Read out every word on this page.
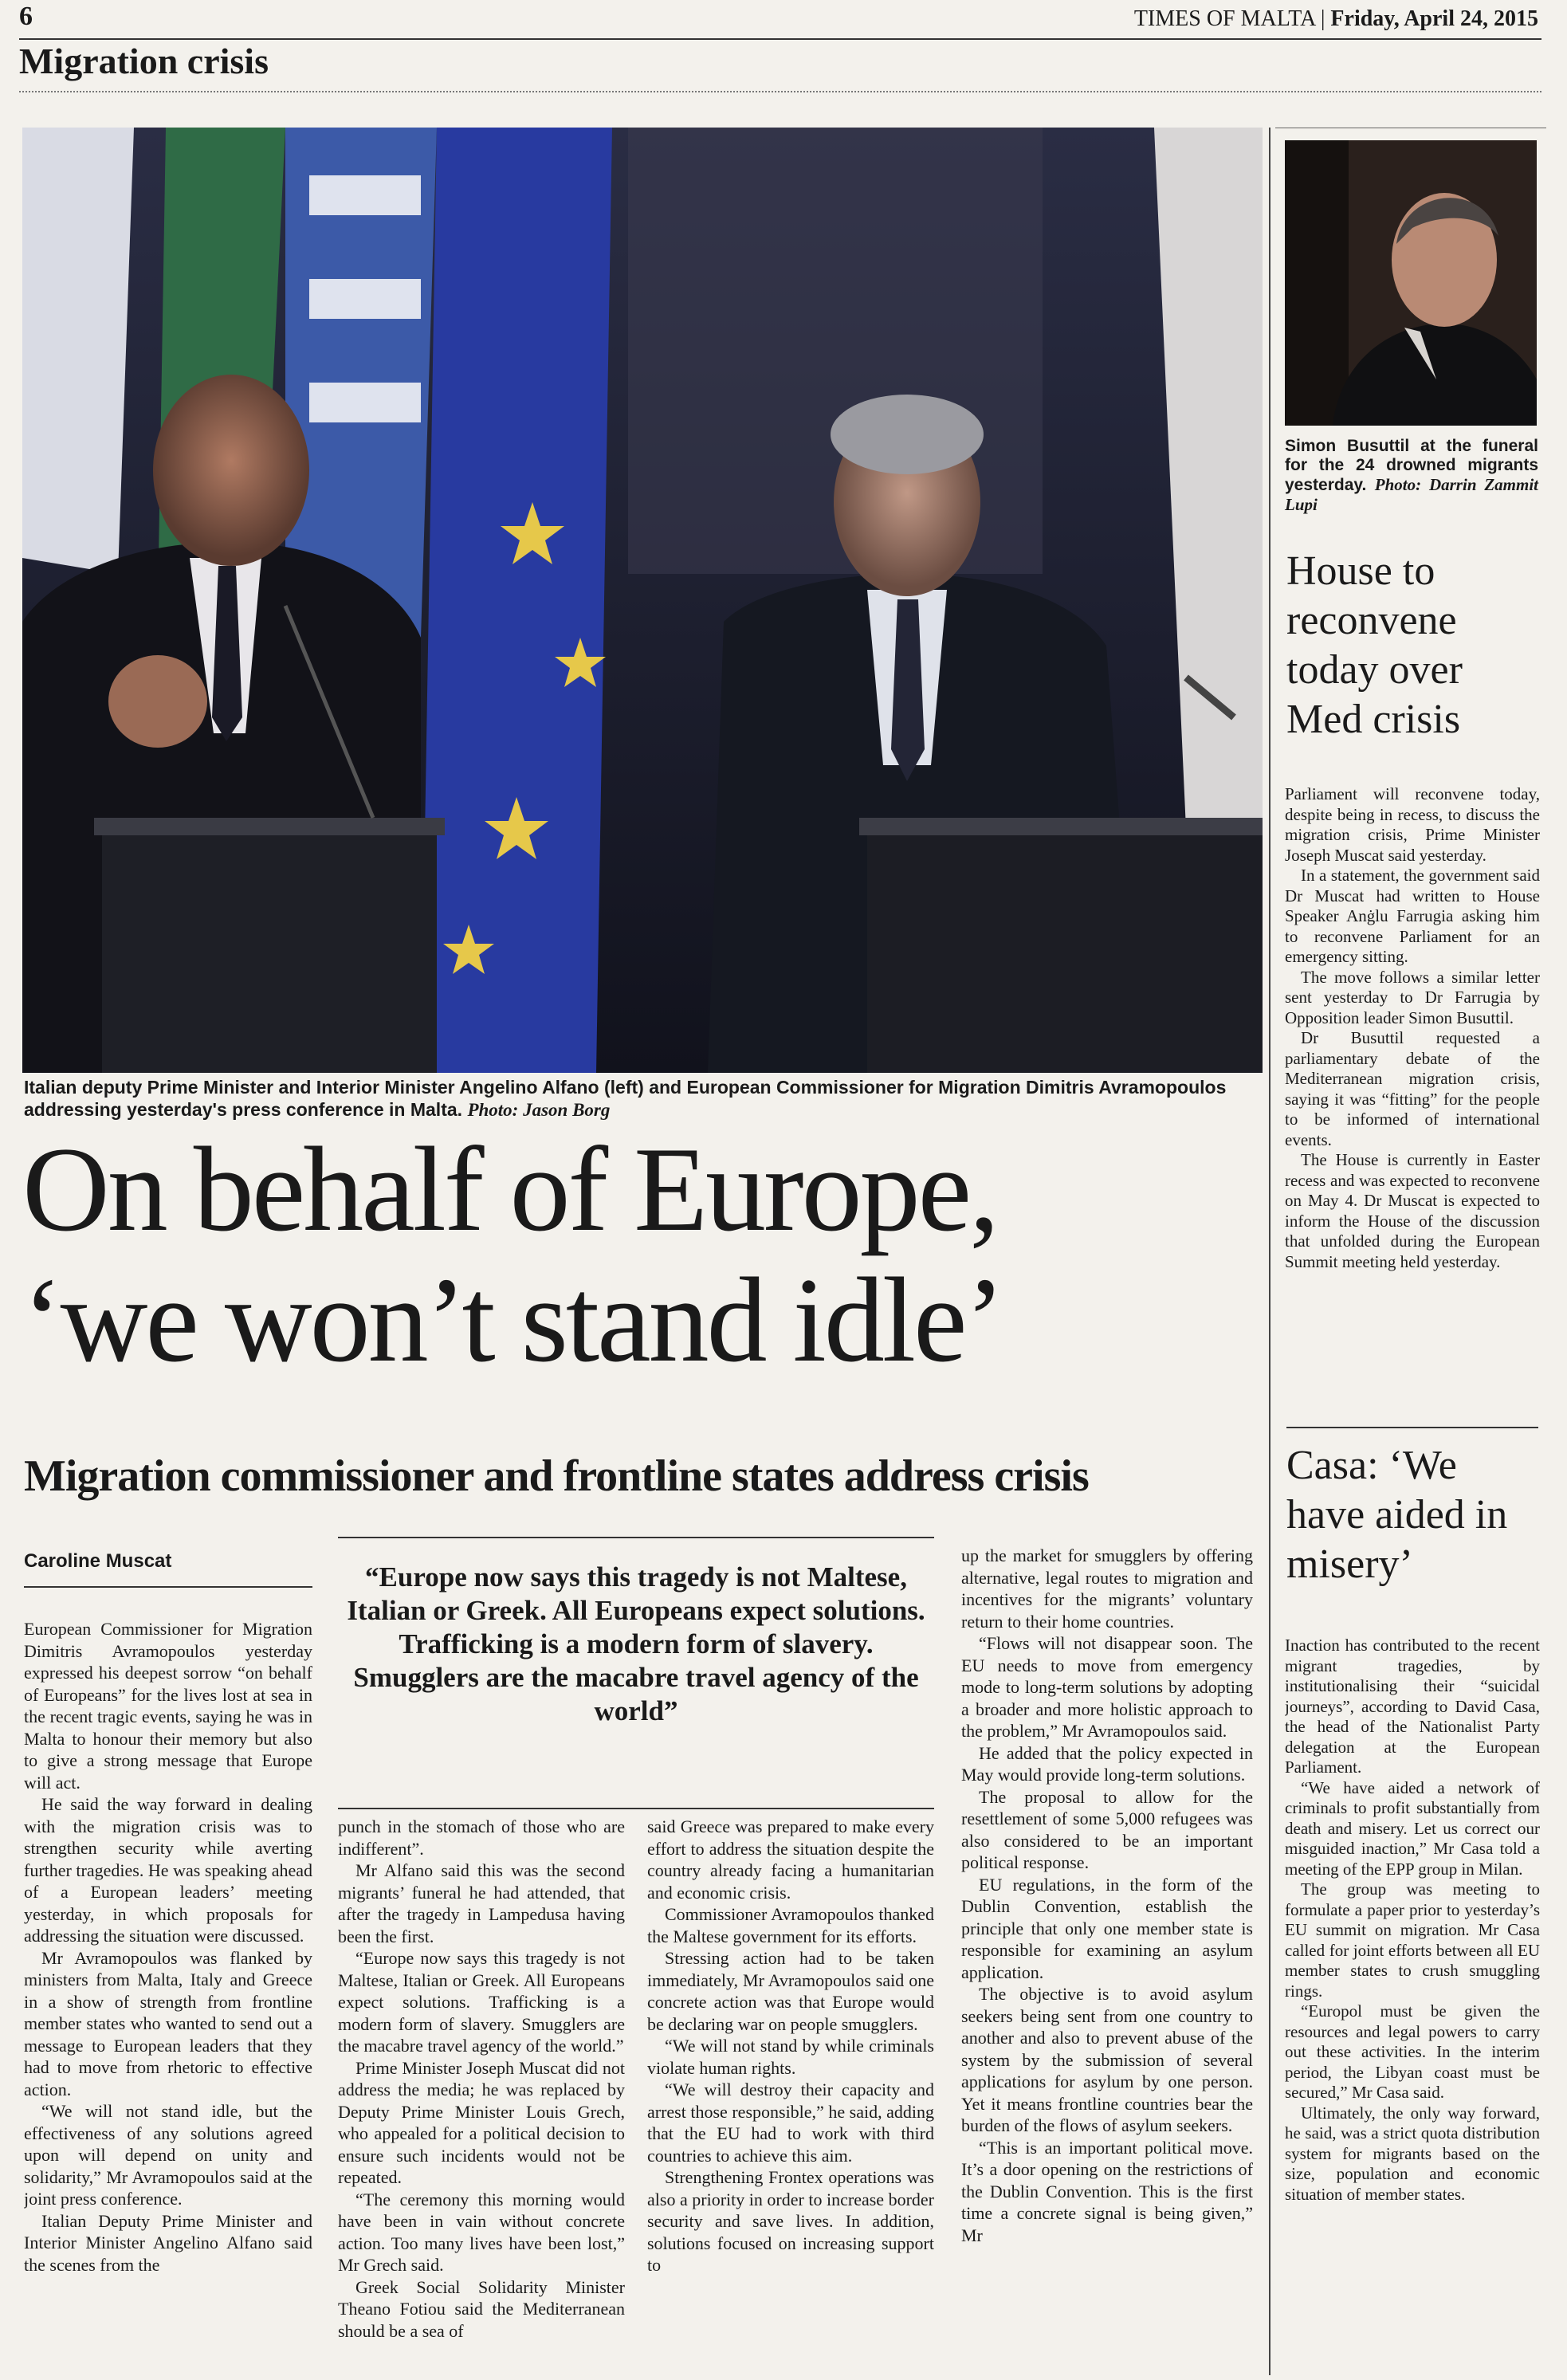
6	TIMES OF MALTA | Friday, April 24, 2015
Migration crisis
Italian deputy Prime Minister and Interior Minister Angelino Alfano (left) and European Commissioner for Migration Dimitris Avramopoulos addressing yesterday's press conference in Malta. Photo: Jason Borg
On behalf of Europe,
‘we won’t stand idle’
Migration commissioner and frontline states address crisis
Caroline Muscat

European Commissioner for Migration Dimitris Avramopoulos yesterday expressed his deepest sorrow “on behalf of Europeans” for the lives lost at sea in the recent tragic events, saying he was in Malta to honour their memory but also to give a strong message that Europe will act.

He said the way forward in dealing with the migration crisis was to strengthen security while averting further tragedies. He was speaking ahead of a European leaders’ meeting yesterday, in which proposals for addressing the situation were discussed.

Mr Avramopoulos was flanked by ministers from Malta, Italy and Greece in a show of strength from frontline member states who wanted to send out a message to European leaders that they had to move from rhetoric to effective action.

“We will not stand idle, but the effectiveness of any solutions agreed upon will depend on unity and solidarity,” Mr Avramopoulos said at the joint press conference.

Italian Deputy Prime Minister and Interior Minister Angelino Alfano said the scenes from the

“Europe now says this tragedy is not Maltese, Italian or Greek. All Europeans expect solutions. Trafficking is a modern form of slavery. Smugglers are the macabre travel agency of the world”

punch in the stomach of those who are indifferent”.

Mr Alfano said this was the second migrants’ funeral he had attended, that after the tragedy in Lampedusa having been the first.

“Europe now says this tragedy is not Maltese, Italian or Greek. All Europeans expect solutions. Trafficking is a modern form of slavery. Smugglers are the macabre travel agency of the world.”

Prime Minister Joseph Muscat did not address the media; he was replaced by Deputy Prime Minister Louis Grech, who appealed for a political decision to ensure such incidents would not be repeated.

“The ceremony this morning would have been in vain without concrete action. Too many lives have been lost,” Mr Grech said.

Greek Social Solidarity Minister Theano Fotiou said the Mediterranean should be a sea of

said Greece was prepared to make every effort to address the situation despite the country already facing a humanitarian and economic crisis.

Commissioner Avramopoulos thanked the Maltese government for its efforts.

Stressing action had to be taken immediately, Mr Avramopoulos said one concrete action was that Europe would be declaring war on people smugglers.

“We will not stand by while criminals violate human rights.

“We will destroy their capacity and arrest those responsible,” he said, adding that the EU had to work with third countries to achieve this aim.

Strengthening Frontex operations was also a priority in order to increase border security and save lives. In addition, solutions focused on increasing support to

up the market for smugglers by offering alternative, legal routes to migration and incentives for the migrants’ voluntary return to their home countries.

“Flows will not disappear soon. The EU needs to move from emergency mode to long-term solutions by adopting a broader and more holistic approach to the problem,” Mr Avramopoulos said.

He added that the policy expected in May would provide long-term solutions.

The proposal to allow for the resettlement of some 5,000 refugees was also considered to be an important political response.

EU regulations, in the form of the Dublin Convention, establish the principle that only one member state is responsible for examining an asylum application.

The objective is to avoid asylum seekers being sent from one country to another and also to prevent abuse of the system by the submission of several applications for asylum by one person. Yet it means frontline countries bear the burden of the flows of asylum seekers.

“This is an important political move. It’s a door opening on the restrictions of the Dublin Convention. This is the first time a concrete signal is being given,” Mr

Simon Busuttil at the funeral for the 24 drowned migrants yesterday. Photo: Darrin Zammit Lupi
House to reconvene today over Med crisis

Parliament will reconvene today, despite being in recess, to discuss the migration crisis, Prime Minister Joseph Muscat said yesterday.

In a statement, the government said Dr Muscat had written to House Speaker Anġlu Farrugia asking him to reconvene Parliament for an emergency sitting.

The move follows a similar letter sent yesterday to Dr Farrugia by Opposition leader Simon Busuttil.

Dr Busuttil requested a parliamentary debate of the Mediterranean migration crisis, saying it was “fitting” for the people to be informed of international events.

The House is currently in Easter recess and was expected to reconvene on May 4. Dr Muscat is expected to inform the House of the discussion that unfolded during the European Summit meeting held yesterday.

Casa: ‘We have aided in misery’

Inaction has contributed to the recent migrant tragedies, by institutionalising their “suicidal journeys”, according to David Casa, the head of the Nationalist Party delegation at the European Parliament.

“We have aided a network of criminals to profit substantially from death and misery. Let us correct our misguided inaction,” Mr Casa told a meeting of the EPP group in Milan.

The group was meeting to formulate a paper prior to yesterday’s EU summit on migration. Mr Casa called for joint efforts between all EU member states to crush smuggling rings.

“Europol must be given the resources and legal powers to carry out these activities. In the interim period, the Libyan coast must be secured,” Mr Casa said.

Ultimately, the only way forward, he said, was a strict quota distribution system for migrants based on the size, population and economic situation of member states.
